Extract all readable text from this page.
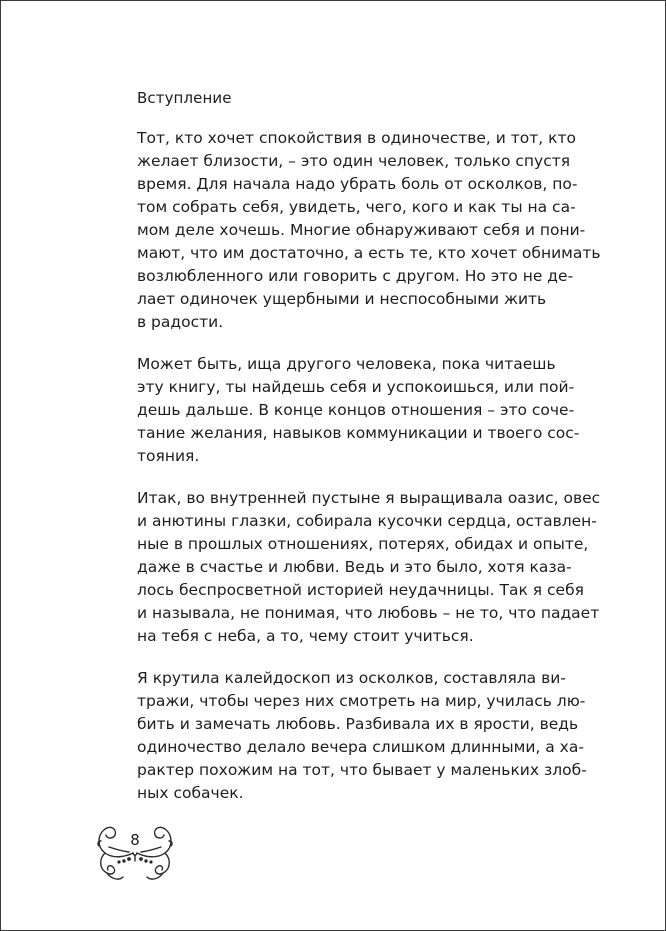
Вступление

Тот, кто хочет спокойствия в одиночестве, и тот, кто
желает близости, – это один человек, только спустя
время. Для начала надо убрать боль от осколков, по-
том собрать себя, увидеть, чего, кого и как ты на са-
мом деле хочешь. Многие обнаруживают себя и пони-
мают, что им достаточно, а есть те, кто хочет обнимать
возлюбленного или говорить с другом. Но это не де-
лает одиночек ущербными и неспособными жить
в радости.

Может быть, ища другого человека, пока читаешь
эту книгу, ты найдешь себя и успокоишься, или пой-
дешь дальше. В конце концов отношения – это соче-
тание желания, навыков коммуникации и твоего сос-
тояния.

Итак, во внутренней пустыне я выращивала оазис, овес
и анютины глазки, собирала кусочки сердца, оставлен-
ные в прошлых отношениях, потерях, обидах и опыте,
даже в счастье и любви. Ведь и это было, хотя каза-
лось беспросветной историей неудачницы. Так я себя
и называла, не понимая, что любовь – не то, что падает
на тебя с неба, а то, чему стоит учиться.

Я крутила калейдоскоп из осколков, составляла ви-
тражи, чтобы через них смотреть на мир, училась лю-
бить и замечать любовь. Разбивала их в ярости, ведь
одиночество делало вечера слишком длинными, а ха-
рактер похожим на тот, что бывает у маленьких злоб-
ных собачек.

8
